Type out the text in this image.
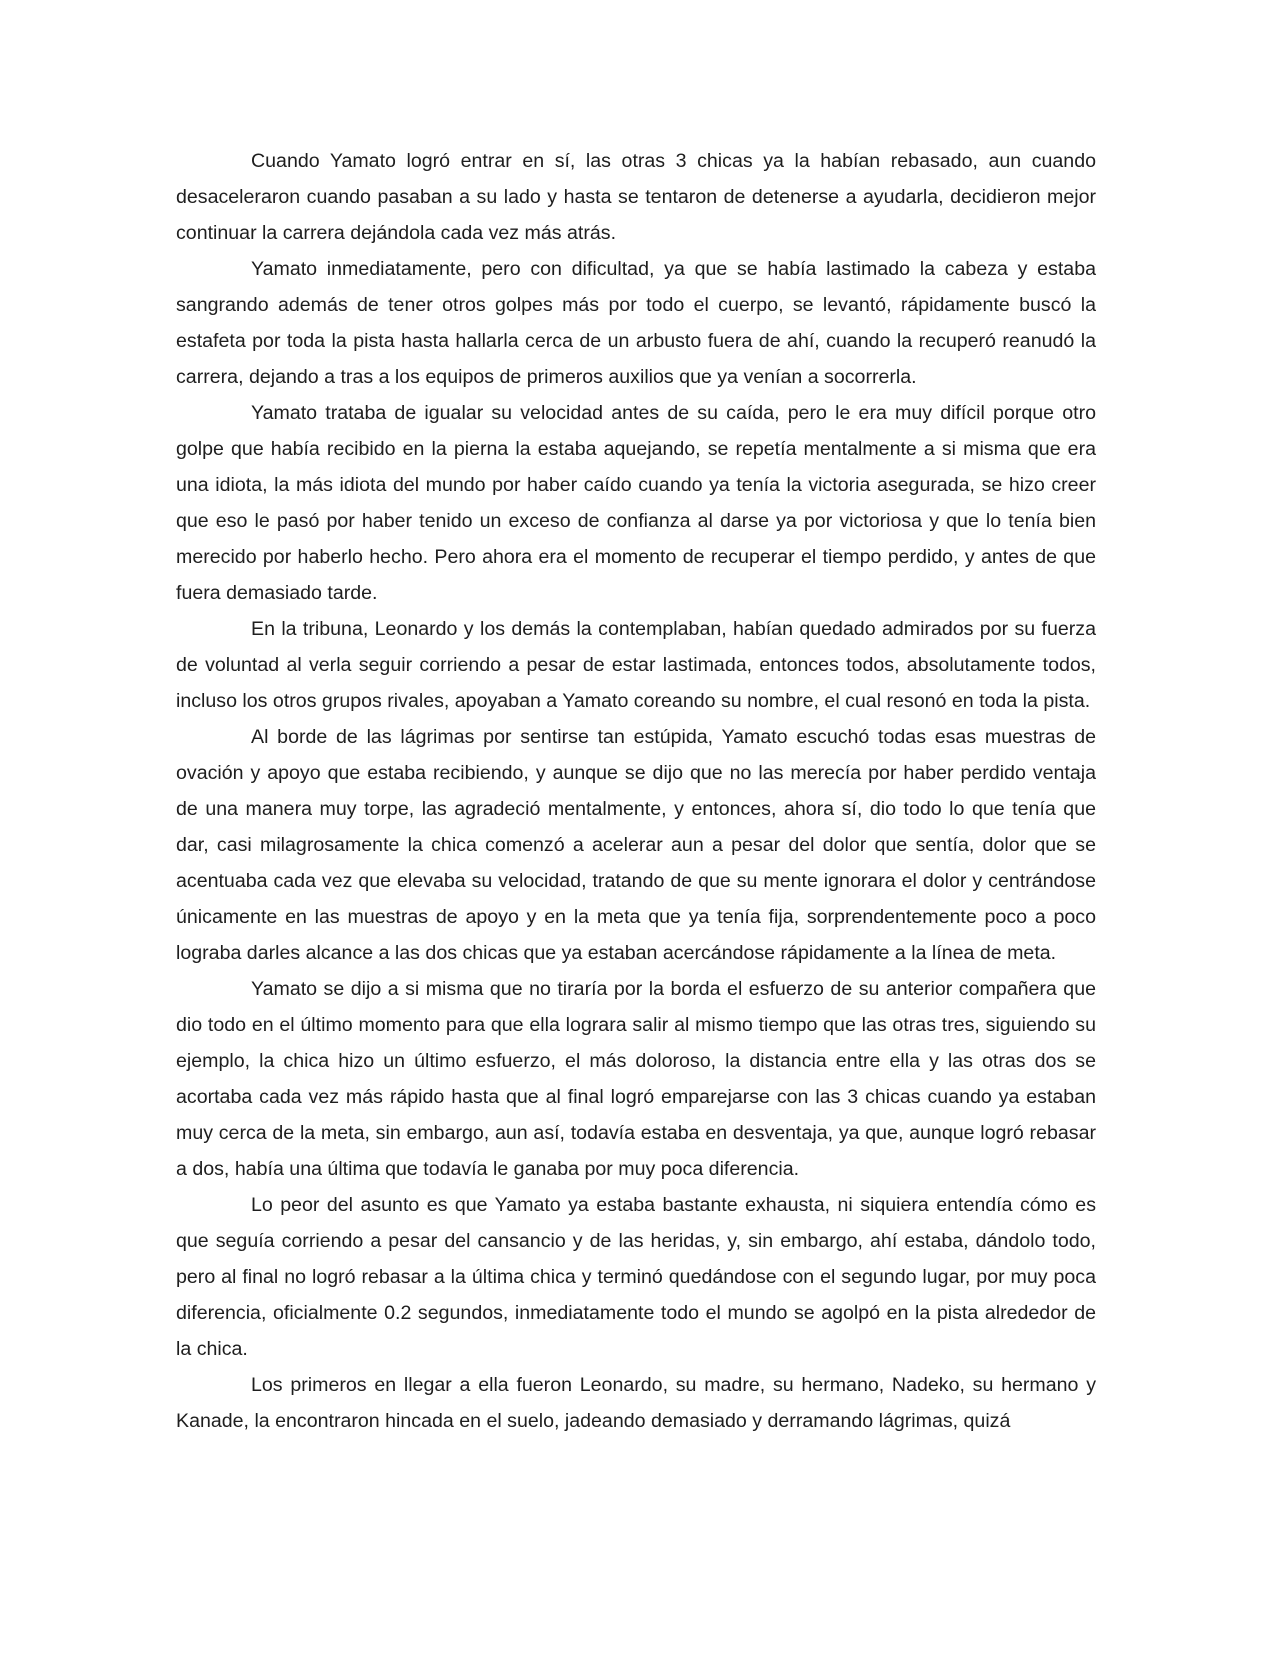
Cuando Yamato logró entrar en sí, las otras 3 chicas ya la habían rebasado, aun cuando desaceleraron cuando pasaban a su lado y hasta se tentaron de detenerse a ayudarla, decidieron mejor continuar la carrera dejándola cada vez más atrás.

Yamato inmediatamente, pero con dificultad, ya que se había lastimado la cabeza y estaba sangrando además de tener otros golpes más por todo el cuerpo, se levantó, rápidamente buscó la estafeta por toda la pista hasta hallarla cerca de un arbusto fuera de ahí, cuando la recuperó reanudó la carrera, dejando a tras a los equipos de primeros auxilios que ya venían a socorrerla.

Yamato trataba de igualar su velocidad antes de su caída, pero le era muy difícil porque otro golpe que había recibido en la pierna la estaba aquejando, se repetía mentalmente a si misma que era una idiota, la más idiota del mundo por haber caído cuando ya tenía la victoria asegurada, se hizo creer que eso le pasó por haber tenido un exceso de confianza al darse ya por victoriosa y que lo tenía bien merecido por haberlo hecho. Pero ahora era el momento de recuperar el tiempo perdido, y antes de que fuera demasiado tarde.

En la tribuna, Leonardo y los demás la contemplaban, habían quedado admirados por su fuerza de voluntad al verla seguir corriendo a pesar de estar lastimada, entonces todos, absolutamente todos, incluso los otros grupos rivales, apoyaban a Yamato coreando su nombre, el cual resonó en toda la pista.

Al borde de las lágrimas por sentirse tan estúpida, Yamato escuchó todas esas muestras de ovación y apoyo que estaba recibiendo, y aunque se dijo que no las merecía por haber perdido ventaja de una manera muy torpe, las agradeció mentalmente, y entonces, ahora sí, dio todo lo que tenía que dar, casi milagrosamente la chica comenzó a acelerar aun a pesar del dolor que sentía, dolor que se acentuaba cada vez que elevaba su velocidad, tratando de que su mente ignorara el dolor y centrándose únicamente en las muestras de apoyo y en la meta que ya tenía fija, sorprendentemente poco a poco lograba darles alcance a las dos chicas que ya estaban acercándose rápidamente a la línea de meta.

Yamato se dijo a si misma que no tiraría por la borda el esfuerzo de su anterior compañera que dio todo en el último momento para que ella lograra salir al mismo tiempo que las otras tres, siguiendo su ejemplo, la chica hizo un último esfuerzo, el más doloroso, la distancia entre ella y las otras dos se acortaba cada vez más rápido hasta que al final logró emparejarse con las 3 chicas cuando ya estaban muy cerca de la meta, sin embargo, aun así, todavía estaba en desventaja, ya que, aunque logró rebasar a dos, había una última que todavía le ganaba por muy poca diferencia.

Lo peor del asunto es que Yamato ya estaba bastante exhausta, ni siquiera entendía cómo es que seguía corriendo a pesar del cansancio y de las heridas, y, sin embargo, ahí estaba, dándolo todo, pero al final no logró rebasar a la última chica y terminó quedándose con el segundo lugar, por muy poca diferencia, oficialmente 0.2 segundos, inmediatamente todo el mundo se agolpó en la pista alrededor de la chica.

Los primeros en llegar a ella fueron Leonardo, su madre, su hermano, Nadeko, su hermano y Kanade, la encontraron hincada en el suelo, jadeando demasiado y derramando lágrimas, quizá
